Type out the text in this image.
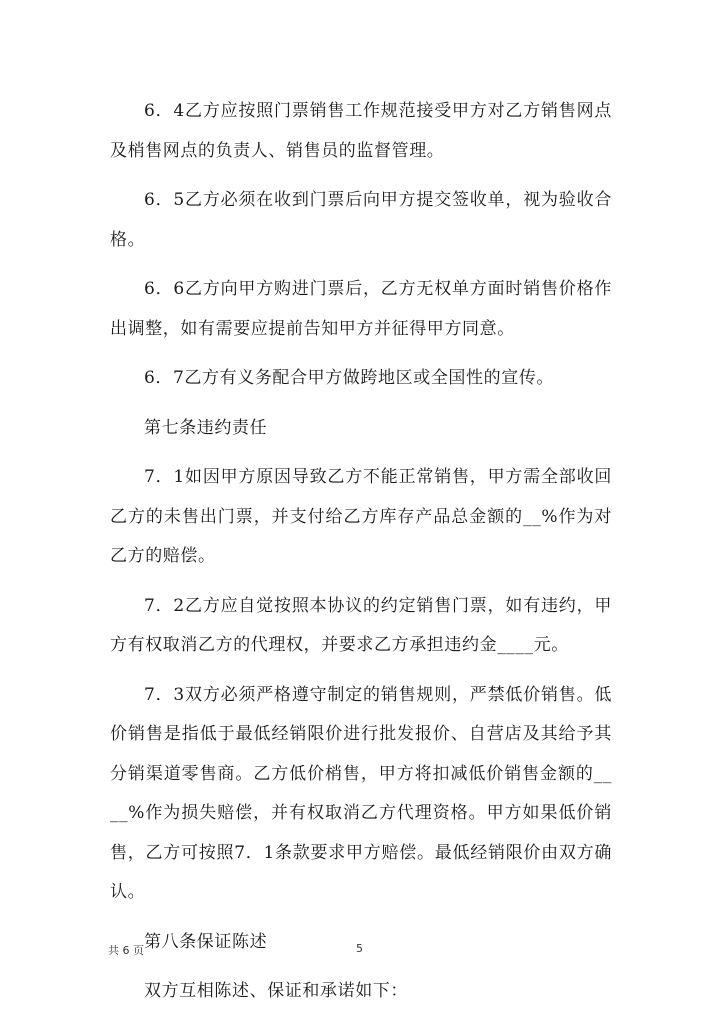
6．4乙方应按照门票销售工作规范接受甲方对乙方销售网点及梢售网点的负责人、销售员的监督管理。

6．5乙方必须在收到门票后向甲方提交签收单，视为验收合格。

6．6乙方向甲方购进门票后，乙方无权单方面时销售价格作出调整，如有需要应提前告知甲方并征得甲方同意。

6．7乙方有义务配合甲方做跨地区或全国性的宣传。

第七条违约责任

7．1如因甲方原因导致乙方不能正常销售，甲方需全部收回乙方的未售出门票，并支付给乙方库存产品总金额的__%作为对乙方的赔偿。

7．2乙方应自觉按照本协议的约定销售门票，如有违约，甲方有权取消乙方的代理权，并要求乙方承担违约金____元。

7．3双方必须严格遵守制定的销售规则，严禁低价销售。低价销售是指低于最低经销限价进行批发报价、自营店及其给予其分销渠道零售商。乙方低价梢售，甲方将扣减低价销售金额的____%作为损失赔偿，并有权取消乙方代理资格。甲方如果低价销售，乙方可按照7．1条款要求甲方赔偿。最低经销限价由双方确认。

第八条保证陈述

双方互相陈述、保证和承诺如下：

共 6 页	5
